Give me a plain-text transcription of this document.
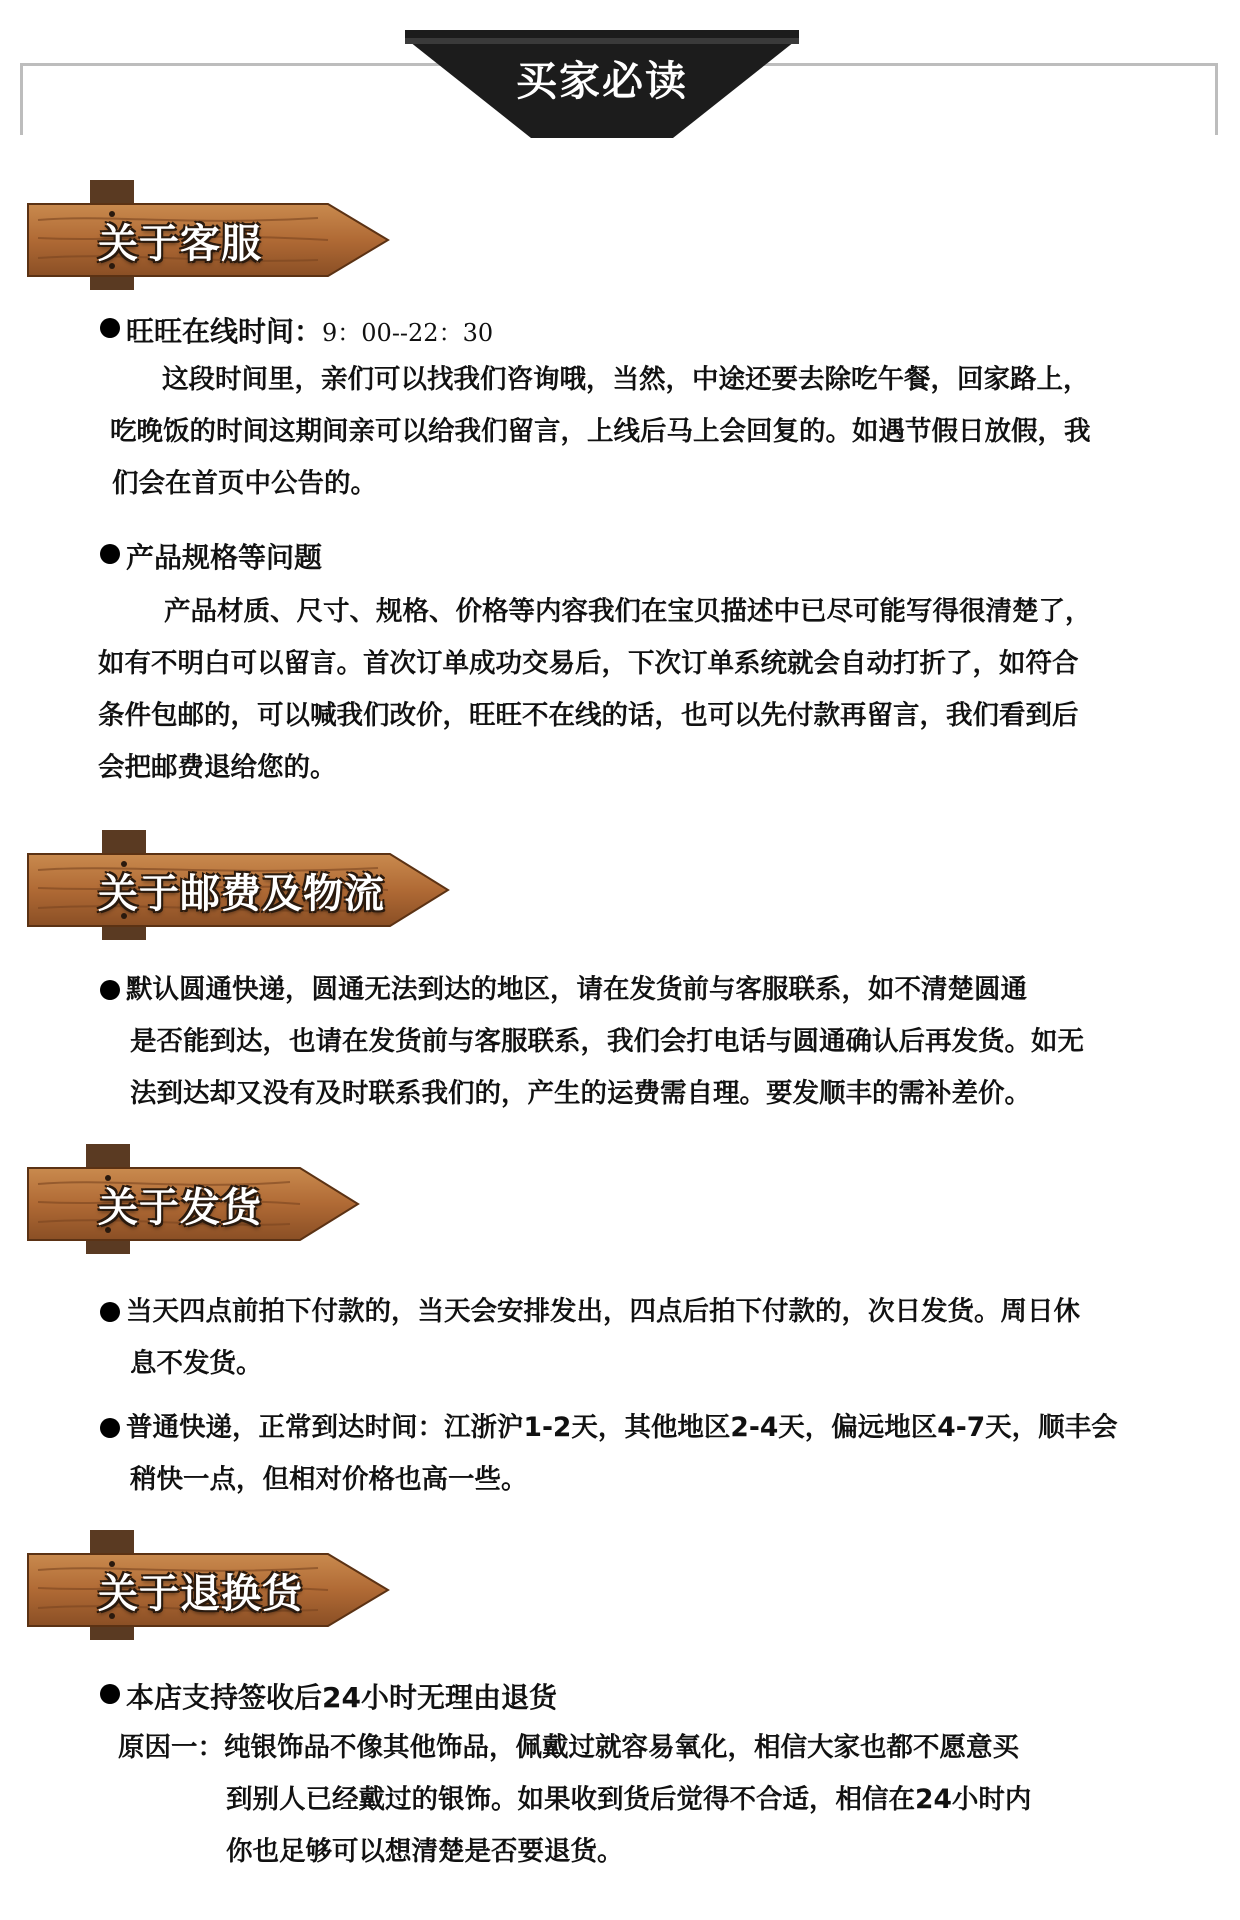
买家必读
关于客服
旺旺在线时间：9：00--22：30
这段时间里，亲们可以找我们咨询哦，当然，中途还要去除吃午餐，回家路上，
吃晚饭的时间这期间亲可以给我们留言，上线后马上会回复的。如遇节假日放假，我
们会在首页中公告的。
产品规格等问题
产品材质、尺寸、规格、价格等内容我们在宝贝描述中已尽可能写得很清楚了，
如有不明白可以留言。首次订单成功交易后，下次订单系统就会自动打折了，如符合
条件包邮的，可以喊我们改价，旺旺不在线的话，也可以先付款再留言，我们看到后
会把邮费退给您的。
关于邮费及物流
默认圆通快递，圆通无法到达的地区，请在发货前与客服联系，如不清楚圆通
是否能到达，也请在发货前与客服联系，我们会打电话与圆通确认后再发货。如无
法到达却又没有及时联系我们的，产生的运费需自理。要发顺丰的需补差价。
关于发货
当天四点前拍下付款的，当天会安排发出，四点后拍下付款的，次日发货。周日休
息不发货。
普通快递，正常到达时间：江浙沪1-2天，其他地区2-4天，偏远地区4-7天，顺丰会
稍快一点，但相对价格也高一些。
关于退换货
本店支持签收后24小时无理由退货
原因一：纯银饰品不像其他饰品，佩戴过就容易氧化，相信大家也都不愿意买
到别人已经戴过的银饰。如果收到货后觉得不合适，相信在24小时内
你也足够可以想清楚是否要退货。
